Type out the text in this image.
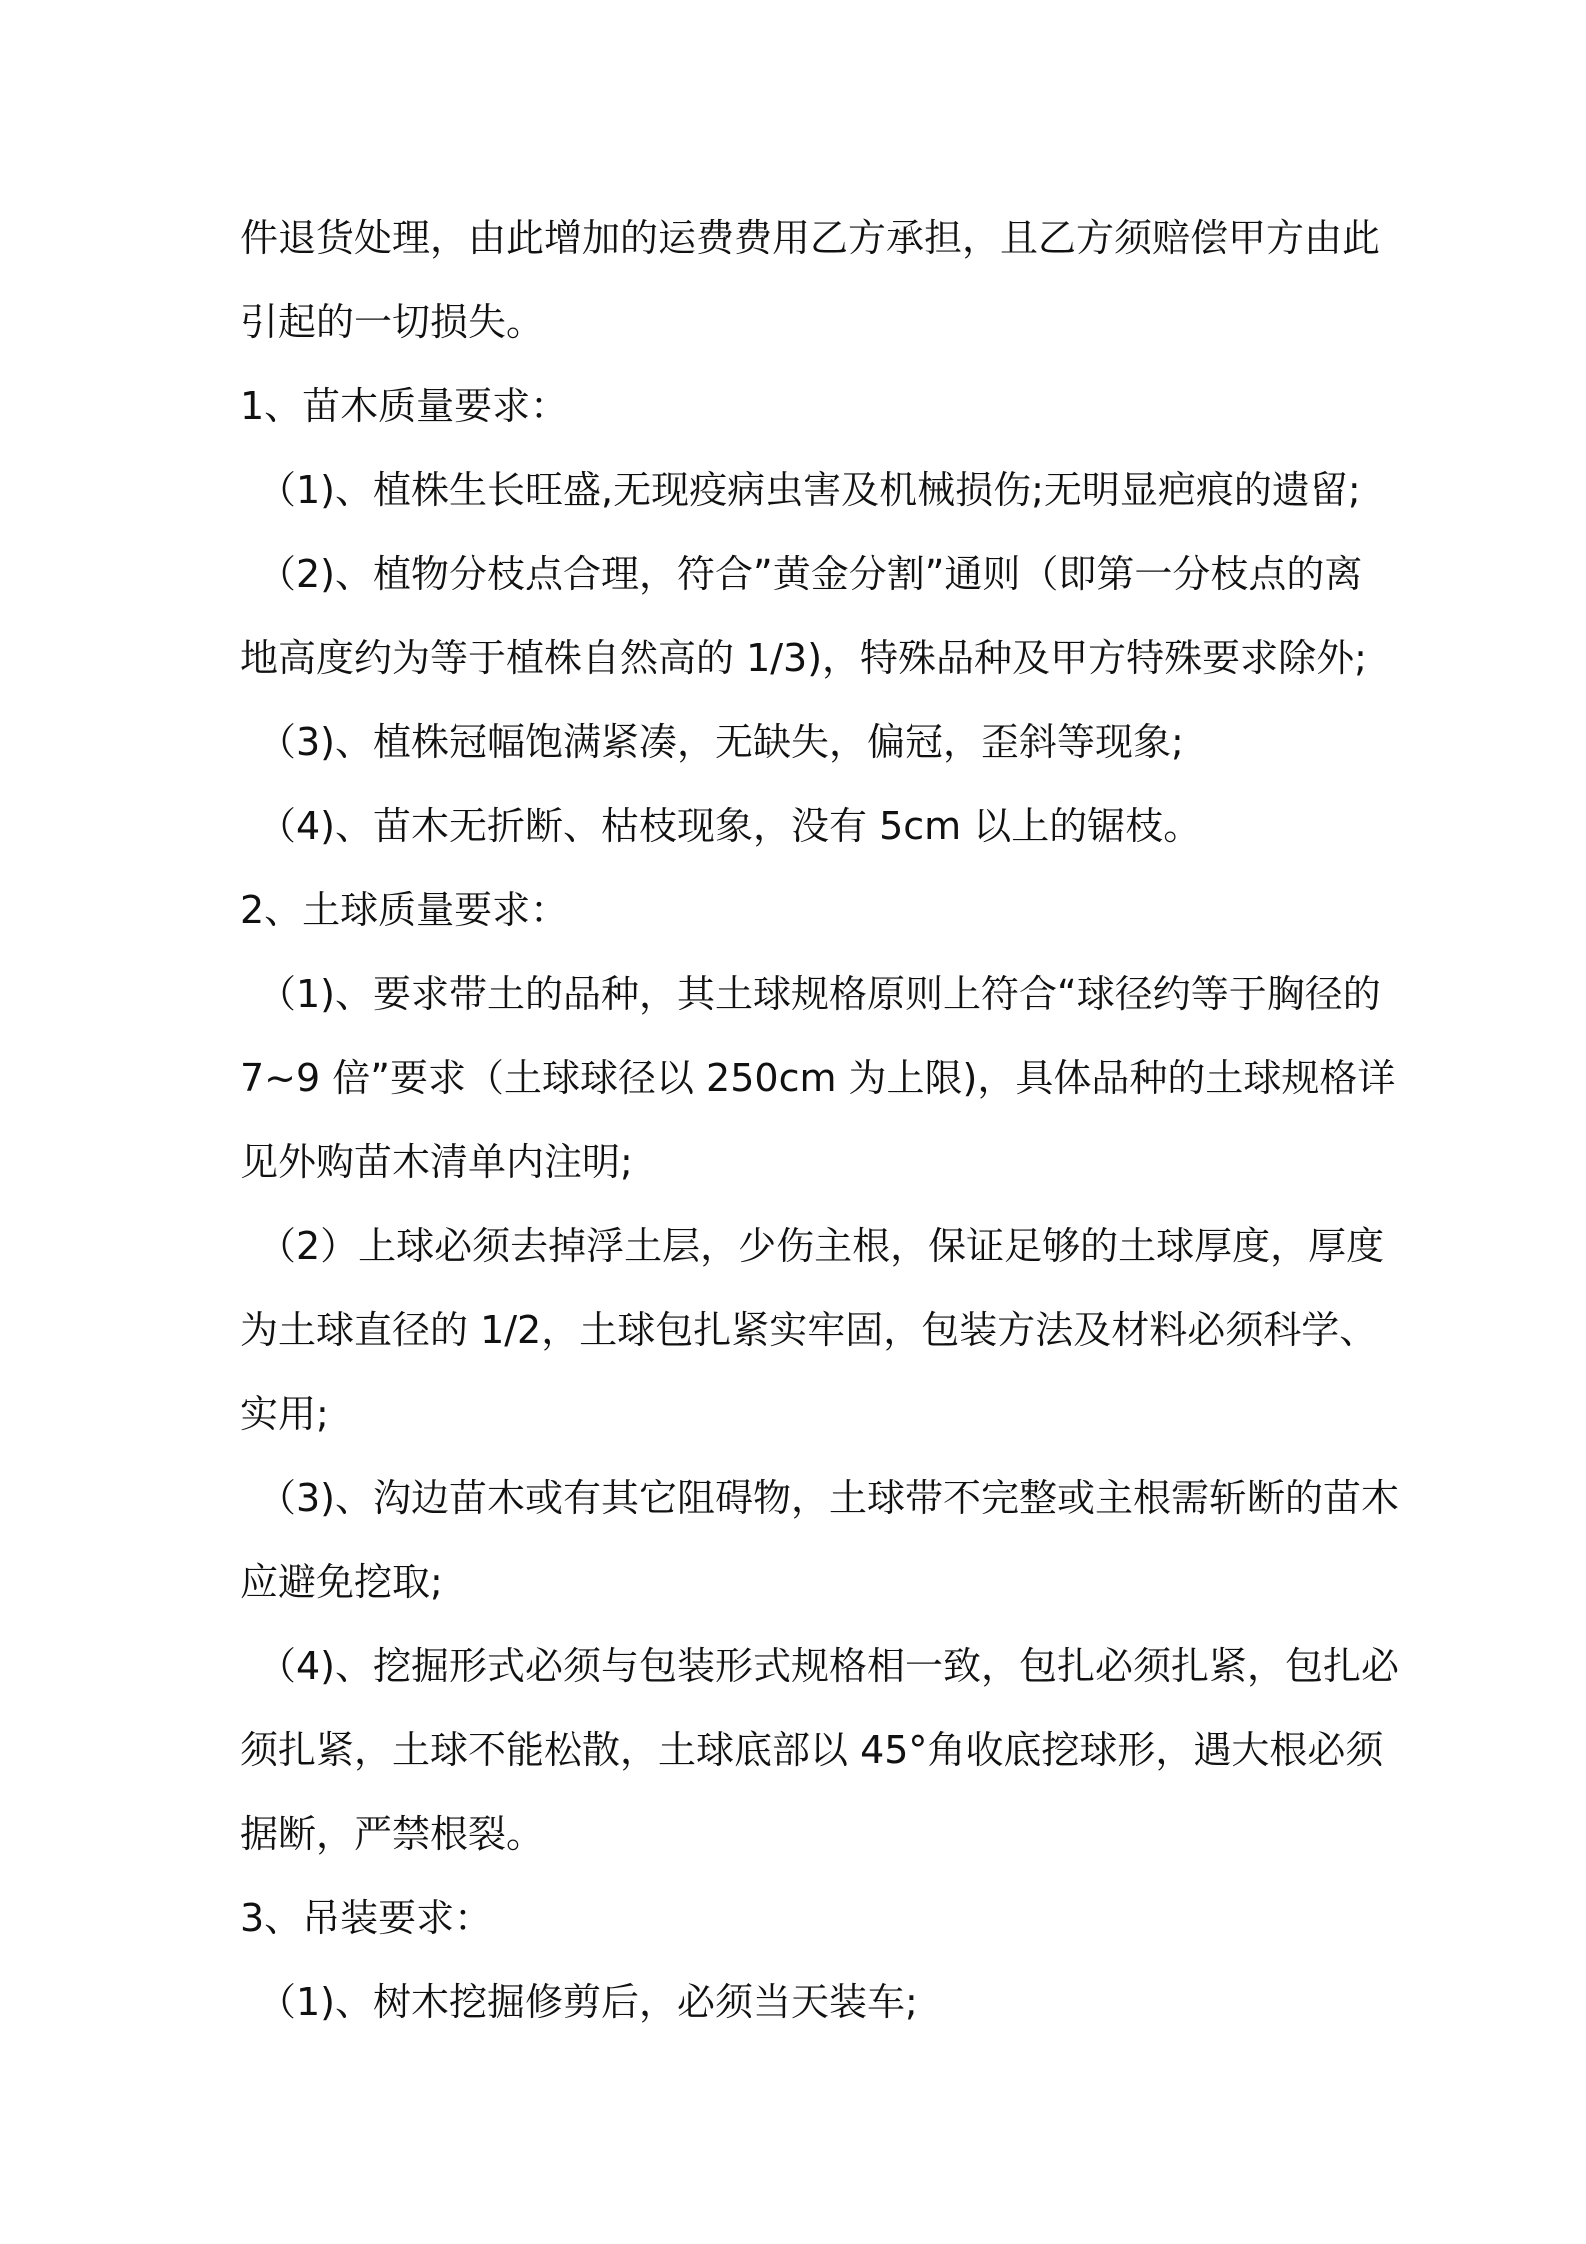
件退货处理，由此增加的运费费用乙方承担，且乙方须赔偿甲方由此
引起的一切损失。
1、苗木质量要求：
（1)、植株生长旺盛,无现疫病虫害及机械损伤;无明显疤痕的遗留;
（2)、植物分枝点合理，符合”黄金分割”通则（即第一分枝点的离
地高度约为等于植株自然高的 1/3)，特殊品种及甲方特殊要求除外;
（3)、植株冠幅饱满紧凑，无缺失，偏冠，歪斜等现象;
（4)、苗木无折断、枯枝现象，没有 5cm 以上的锯枝。
2、土球质量要求：
（1)、要求带土的品种，其土球规格原则上符合“球径约等于胸径的
7~9 倍”要求（土球球径以 250cm 为上限)，具体品种的土球规格详
见外购苗木清单内注明;
（2）上球必须去掉浮土层，少伤主根，保证足够的土球厚度，厚度
为土球直径的 1/2，土球包扎紧实牢固，包装方法及材料必须科学、
实用;
（3)、沟边苗木或有其它阻碍物，土球带不完整或主根需斩断的苗木
应避免挖取;
（4)、挖掘形式必须与包装形式规格相一致，包扎必须扎紧，包扎必
须扎紧，土球不能松散，土球底部以 45°角收底挖球形，遇大根必须
据断，严禁根裂。
3、吊装要求：
（1)、树木挖掘修剪后，必须当天装车;
